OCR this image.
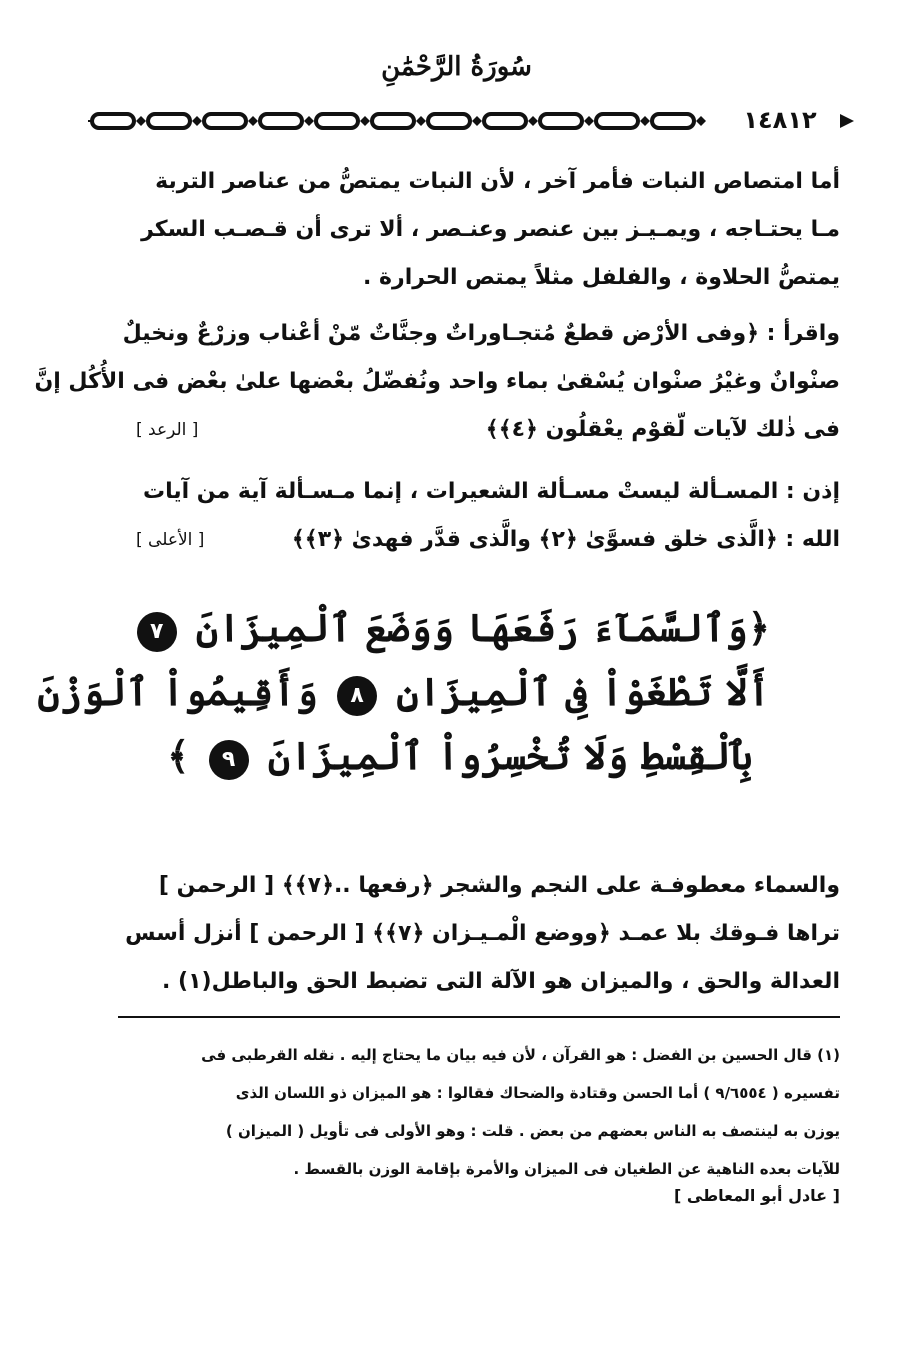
سُورَةُ الرَّحْمَٰنِ
١٤٨١٢
أما امتصاص النبات فأمر آخر ، لأن النبات يمتصُّ من عناصر التربة
مـا يحتـاجه ، ويمـيـز بين عنصر وعنـصر ، ألا ترى أن قـصـب السكر
يمتصُّ الحلاوة ، والفلفل مثلاً يمتص الحرارة .
واقرأ : ﴿وفى الأرْض قطعٌ مُتجـاوراتٌ وجنَّاتٌ مّنْ أعْناب وزرْعٌ ونخيلٌ
صنْوانٌ وغيْرُ صنْوان يُسْقىٰ بماء واحد ونُفضّلُ بعْضها علىٰ بعْض فى الأُكُل إنَّ
فى ذٰلك لآيات لّقوْم يعْقلُون ﴿٤﴾﴾
[ الرعد ]
إذن : المسـألة ليستْ مسـألة الشعيرات ، إنما مـسـألة آية من آيات
الله : ﴿الَّذى خلق فسوَّىٰ ﴿٢﴾ والَّذى قدَّر فهدىٰ ﴿٣﴾﴾
[ الأعلى ]
﴿وَٱلسَّمَآءَ رَفَعَهَا وَوَضَعَ ٱلْمِيزَانَ ٧
أَلَّا تَطْغَوْاْ فِى ٱلْمِيزَانِ ٨ وَأَقِيمُواْ ٱلْوَزْنَ
بِٱلْقِسْطِ وَلَا تُخْسِرُواْ ٱلْمِيزَانَ ٩ ﴾
والسماء معطوفـة على النجم والشجر ﴿رفعها ..﴿٧﴾﴾ [ الرحمن ]
تراها فـوقك بلا عمـد ﴿ووضع الْمـيـزان ﴿٧﴾﴾ [ الرحمن ] أنزل أسس
العدالة والحق ، والميزان هو الآلة التى تضبط الحق والباطل(١) .
(١) قال الحسين بن الفضل : هو القرآن ، لأن فيه بيان ما يحتاج إليه . نقله القرطبى فى
تفسيره ( ٩/٦٥٥٤ ) أما الحسن وقتادة والضحاك فقالوا : هو الميزان ذو اللسان الذى
يوزن به لينتصف به الناس بعضهم من بعض . قلت : وهو الأولى فى تأويل ( الميزان )
للآيات بعده الناهية عن الطغيان فى الميزان والأمرة بإقامة الوزن بالقسط .
[ عادل أبو المعاطى ]
